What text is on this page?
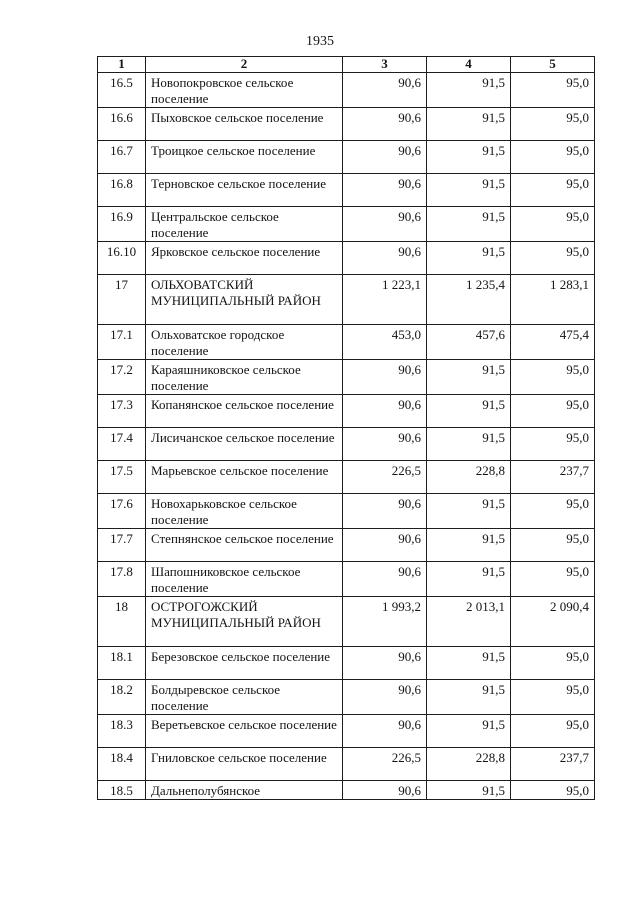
1935
1	2	3	4	5
16.5	Новопокровское сельское поселение	90,6	91,5	95,0
16.6	Пыховское сельское поселение	90,6	91,5	95,0
16.7	Троицкое сельское поселение	90,6	91,5	95,0
16.8	Терновское сельское поселение	90,6	91,5	95,0
16.9	Центральское сельское поселение	90,6	91,5	95,0
16.10	Ярковское сельское поселение	90,6	91,5	95,0
17	ОЛЬХОВАТСКИЙ МУНИЦИПАЛЬНЫЙ РАЙОН	1 223,1	1 235,4	1 283,1
17.1	Ольховатское городское поселение	453,0	457,6	475,4
17.2	Караяшниковское сельское поселение	90,6	91,5	95,0
17.3	Копанянское сельское поселение	90,6	91,5	95,0
17.4	Лисичанское сельское поселение	90,6	91,5	95,0
17.5	Марьевское сельское поселение	226,5	228,8	237,7
17.6	Новохарьковское сельское поселение	90,6	91,5	95,0
17.7	Степнянское сельское поселение	90,6	91,5	95,0
17.8	Шапошниковское сельское поселение	90,6	91,5	95,0
18	ОСТРОГОЖСКИЙ МУНИЦИПАЛЬНЫЙ РАЙОН	1 993,2	2 013,1	2 090,4
18.1	Березовское сельское поселение	90,6	91,5	95,0
18.2	Болдыревское сельское поселение	90,6	91,5	95,0
18.3	Веретьевское сельское поселение	90,6	91,5	95,0
18.4	Гниловское сельское поселение	226,5	228,8	237,7
18.5	Дальнеполубянское	90,6	91,5	95,0
